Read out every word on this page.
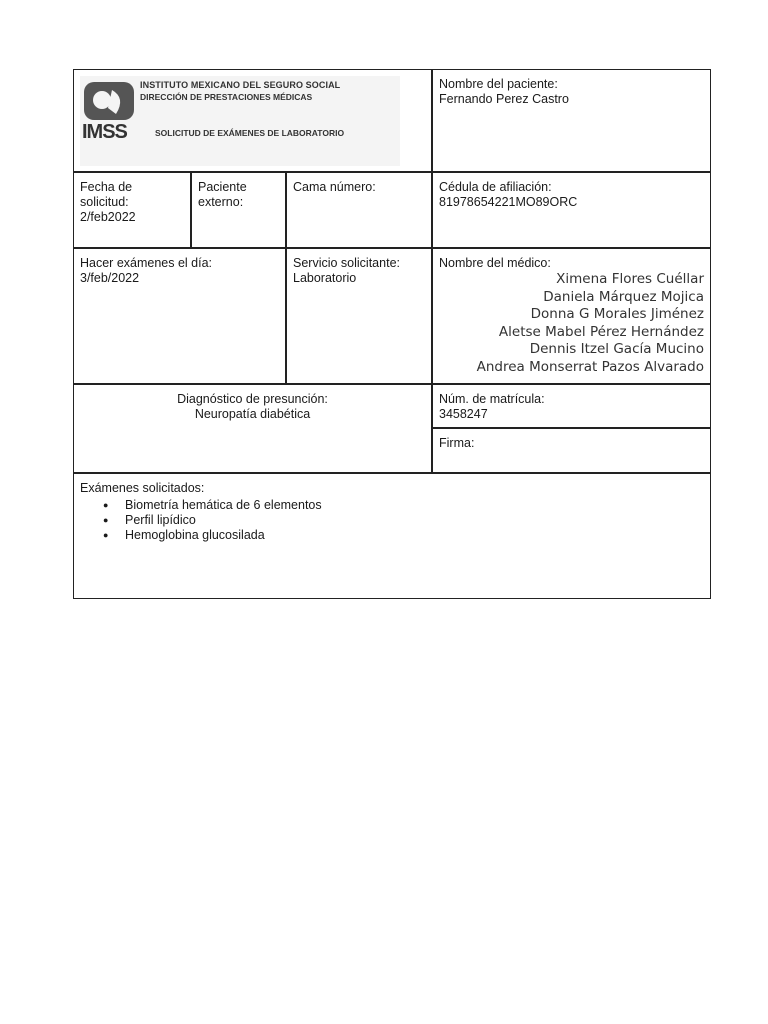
INSTITUTO MEXICANO DEL SEGURO SOCIAL
DIRECCIÓN DE PRESTACIONES MÉDICAS
IMSS	SOLICITUD DE EXÁMENES DE LABORATORIO
Nombre del paciente:
Fernando Perez Castro
Fecha de solicitud:
2/feb2022
Paciente externo:
Cama número:	Cédula de afiliación:
81978654221MO89ORC
Hacer exámenes el día:
3/feb/2022
Servicio solicitante:
Laboratorio
Nombre del médico:
Ximena Flores Cuéllar
Daniela Márquez Mojica
Donna G Morales Jiménez
Aletse Mabel Pérez Hernández
Dennis Itzel Gacía Mucino
Andrea Monserrat Pazos Alvarado
Diagnóstico de presunción:
Neuropatía diabética
Núm. de matrícula:
3458247
Firma:
Exámenes solicitados:
● Biometría hemática de 6 elementos
● Perfil lipídico
● Hemoglobina glucosilada
